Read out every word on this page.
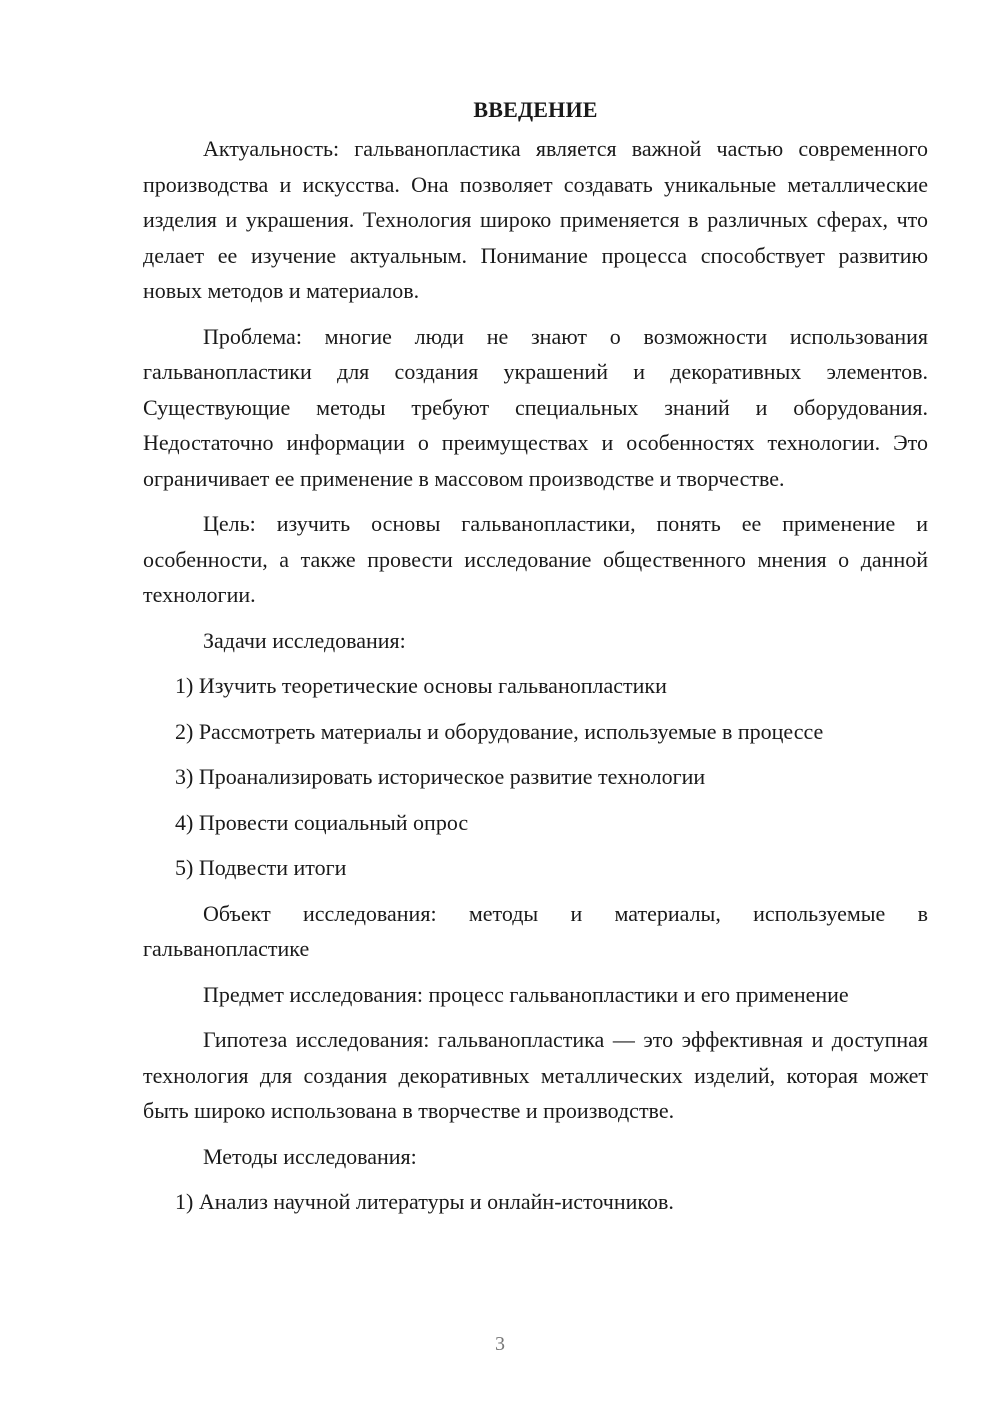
ВВЕДЕНИЕ

Актуальность: гальванопластика является важной частью современного производства и искусства. Она позволяет создавать уникальные металлические изделия и украшения. Технология широко применяется в различных сферах, что делает ее изучение актуальным. Понимание процесса способствует развитию новых методов и материалов.

Проблема: многие люди не знают о возможности использования гальванопластики для создания украшений и декоративных элементов. Существующие методы требуют специальных знаний и оборудования. Недостаточно информации о преимуществах и особенностях технологии. Это ограничивает ее применение в массовом производстве и творчестве.

Цель: изучить основы гальванопластики, понять ее применение и особенности, а также провести исследование общественного мнения о данной технологии.

Задачи исследования:

1) Изучить теоретические основы гальванопластики
2) Рассмотреть материалы и оборудование, используемые в процессе
3) Проанализировать историческое развитие технологии
4) Провести социальный опрос
5) Подвести итоги

Объект исследования: методы и материалы, используемые в гальванопластике

Предмет исследования: процесс гальванопластики и его применение

Гипотеза исследования: гальванопластика — это эффективная и доступная технология для создания декоративных металлических изделий, которая может быть широко использована в творчестве и производстве.

Методы исследования:

1) Анализ научной литературы и онлайн-источников.
3
